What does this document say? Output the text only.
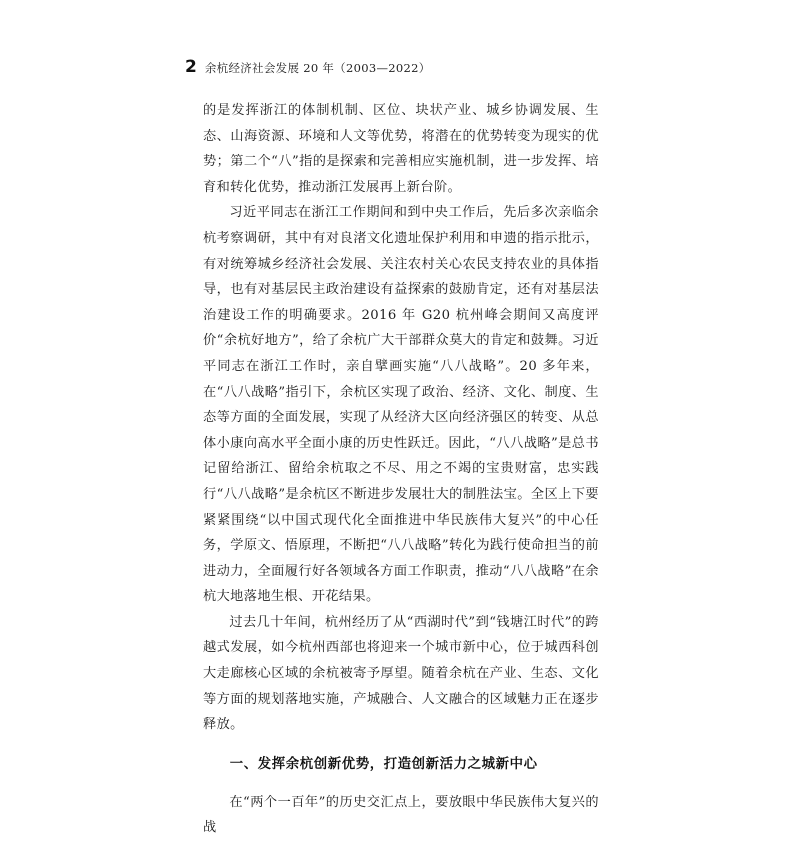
2 余杭经济社会发展 20 年（2003—2022）

的是发挥浙江的体制机制、区位、块状产业、城乡协调发展、生态、山海资源、环境和人文等优势，将潜在的优势转变为现实的优势；第二个“八”指的是探索和完善相应实施机制，进一步发挥、培育和转化优势，推动浙江发展再上新台阶。

习近平同志在浙江工作期间和到中央工作后，先后多次亲临余杭考察调研，其中有对良渚文化遗址保护利用和申遗的指示批示，有对统筹城乡经济社会发展、关注农村关心农民支持农业的具体指导，也有对基层民主政治建设有益探索的鼓励肯定，还有对基层法治建设工作的明确要求。2016 年 G20 杭州峰会期间又高度评价“余杭好地方”，给了余杭广大干部群众莫大的肯定和鼓舞。习近平同志在浙江工作时，亲自擘画实施“八八战略”。20 多年来，在“八八战略”指引下，余杭区实现了政治、经济、文化、制度、生态等方面的全面发展，实现了从经济大区向经济强区的转变、从总体小康向高水平全面小康的历史性跃迁。因此，“八八战略”是总书记留给浙江、留给余杭取之不尽、用之不竭的宝贵财富，忠实践行“八八战略”是余杭区不断进步发展壮大的制胜法宝。全区上下要紧紧围绕“以中国式现代化全面推进中华民族伟大复兴”的中心任务，学原文、悟原理，不断把“八八战略”转化为践行使命担当的前进动力，全面履行好各领域各方面工作职责，推动“八八战略”在余杭大地落地生根、开花结果。

过去几十年间，杭州经历了从“西湖时代”到“钱塘江时代”的跨越式发展，如今杭州西部也将迎来一个城市新中心，位于城西科创大走廊核心区域的余杭被寄予厚望。随着余杭在产业、生态、文化等方面的规划落地实施，产城融合、人文融合的区域魅力正在逐步释放。

一、发挥余杭创新优势，打造创新活力之城新中心

在“两个一百年”的历史交汇点上，要放眼中华民族伟大复兴的战
